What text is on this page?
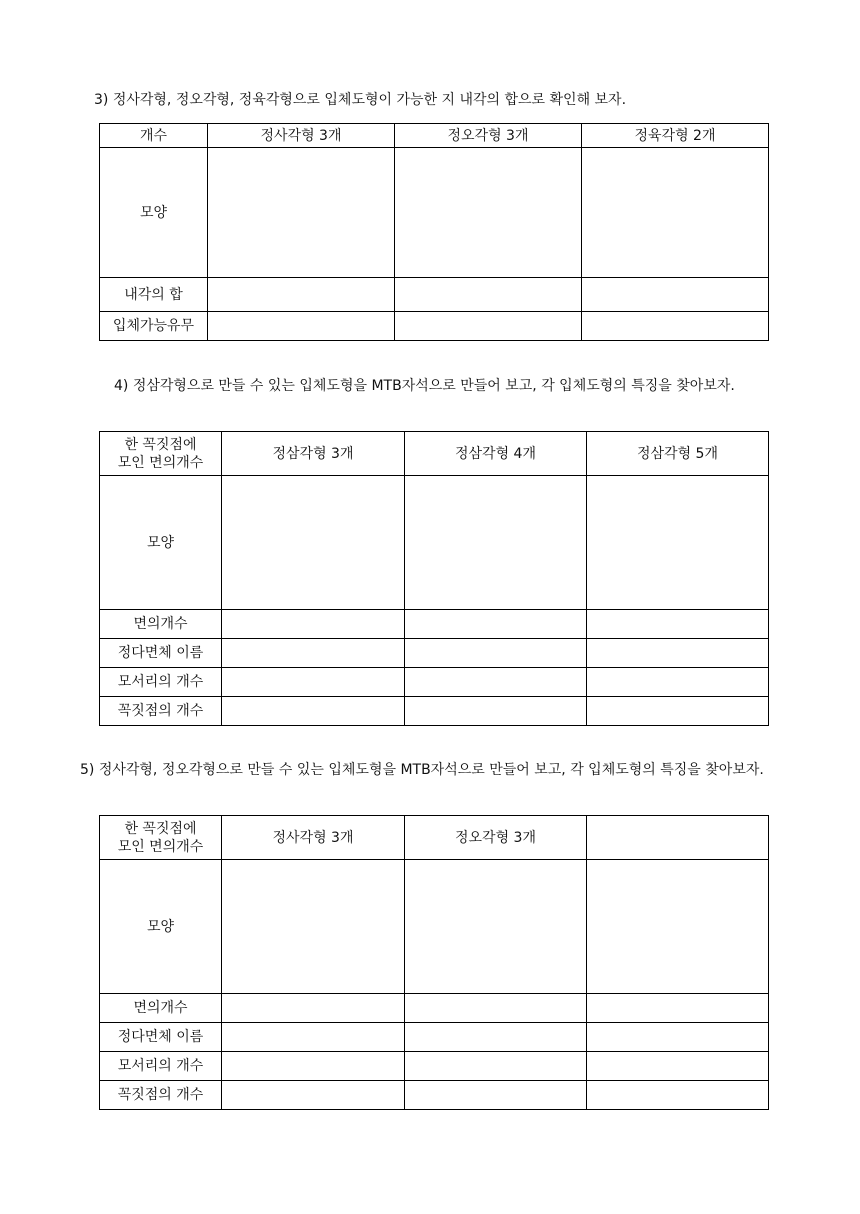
3) 정사각형, 정오각형, 정육각형으로 입체도형이 가능한 지 내각의 합으로 확인해 보자.

개수	정사각형 3개	정오각형 3개	정육각형 2개
모양			
내각의 합			
입체가능유무			

4) 정삼각형으로 만들 수 있는 입체도형을 MTB자석으로 만들어 보고, 각 입체도형의 특징을 찾아보자.

한 꼭짓점에
모인 면의개수	정삼각형 3개	정삼각형 4개	정삼각형 5개
모양			
면의개수			
정다면체 이름			
모서리의 개수			
꼭짓점의 개수			

5) 정사각형, 정오각형으로 만들 수 있는 입체도형을 MTB자석으로 만들어 보고, 각 입체도형의 특징을 찾아보자.

한 꼭짓점에
모인 면의개수	정사각형 3개	정오각형 3개	
모양			
면의개수			
정다면체 이름			
모서리의 개수			
꼭짓점의 개수			
